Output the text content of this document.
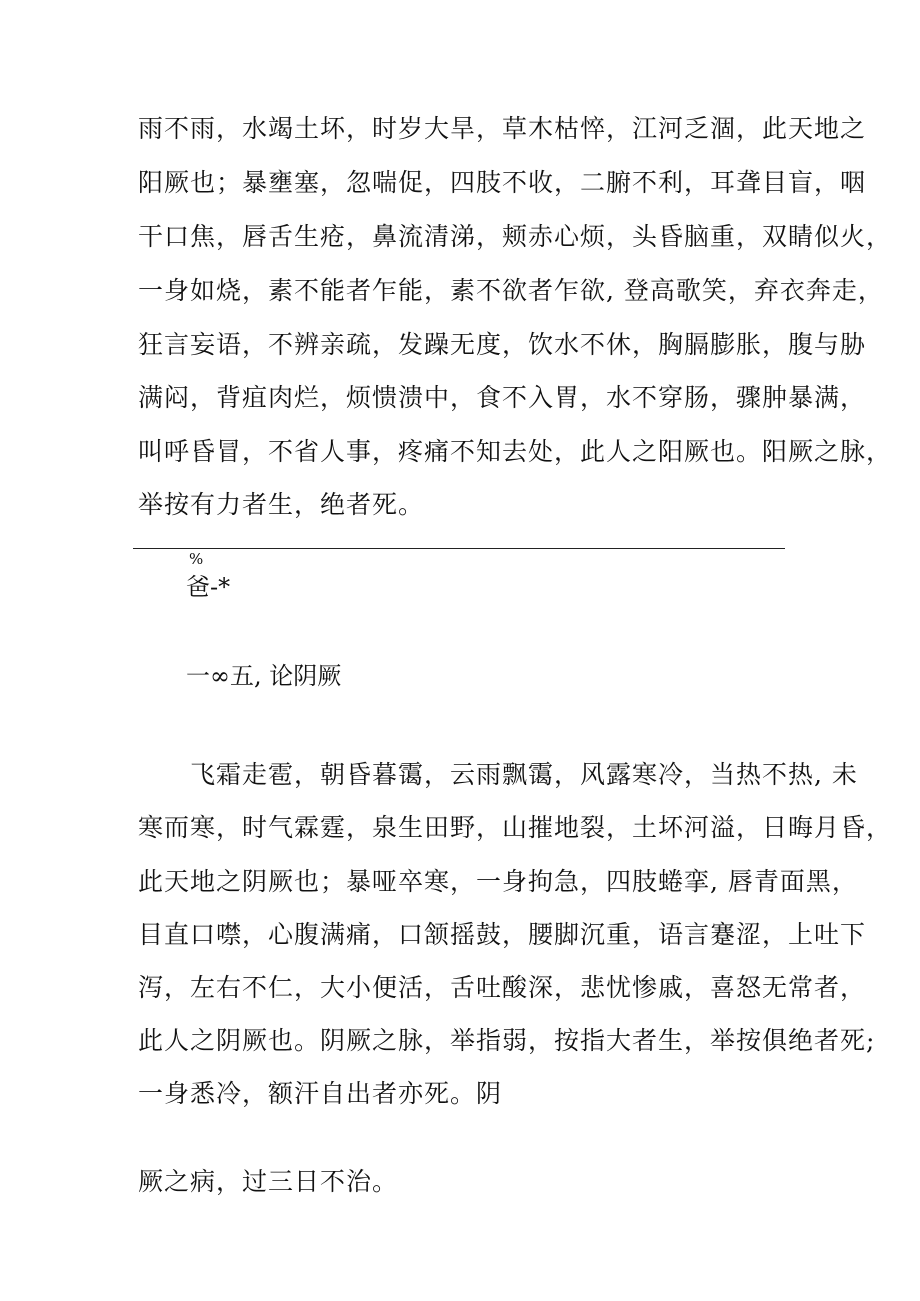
雨不雨，水竭土坏，时岁大旱，草木枯悴，江河乏涸，此天地之
阳厥也；暴壅塞，忽喘促，四肢不收，二腑不利，耳聋目盲，咽
干口焦，唇舌生疮，鼻流清涕，颊赤心烦，头昏脑重，双睛似火，
一身如烧，素不能者乍能，素不欲者乍欲, 登高歌笑，弃衣奔走，
狂言妄语，不辨亲疏，发躁无度，饮水不休，胸膈膨胀，腹与胁
满闷，背疽肉烂，烦愦溃中，食不入胃，水不穿肠，骤肿暴满，
叫呼昏冒，不省人事，疼痛不知去处，此人之阳厥也。阳厥之脉，
举按有力者生，绝者死。
%
爸-*
一∞五, 论阴厥
飞霜走雹，朝昏暮霭，云雨飘霭，风露寒冷，当热不热, 未
寒而寒，时气霖霆，泉生田野，山摧地裂，土坏河溢，日晦月昏，
此天地之阴厥也；暴哑卒寒，一身拘急，四肢蜷挛, 唇青面黑，
目直口噤，心腹满痛，口颔摇鼓，腰脚沉重，语言蹇涩，上吐下
泻，左右不仁，大小便活，舌吐酸深，悲忧惨戚，喜怒无常者，
此人之阴厥也。阴厥之脉，举指弱，按指大者生，举按俱绝者死;
一身悉冷，额汗自出者亦死。阴
厥之病，过三日不治。
